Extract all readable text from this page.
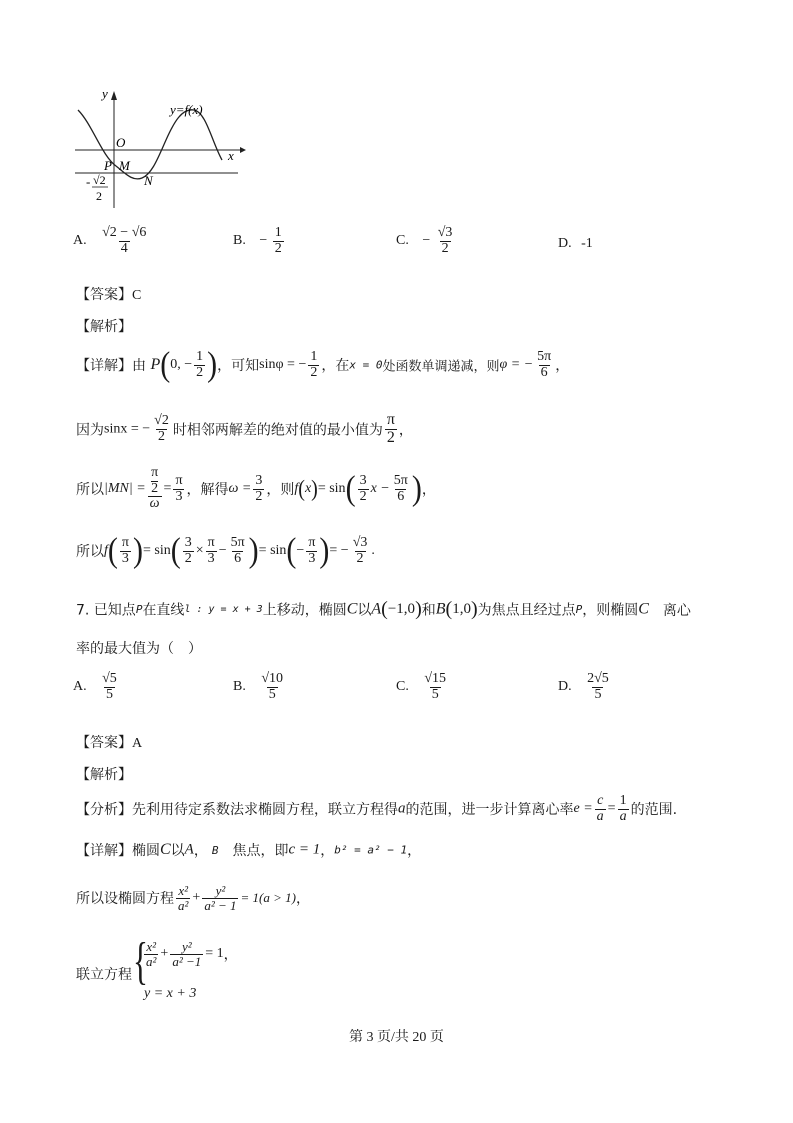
y
y=f(x)
O
x
P M
N
- √2
2
A. $\frac{√2 - √6}{4}$	B. − $\frac{1}{2}$	C. − $\frac{√3}{2}$	D. -1
【答案】C
【解析】
【详解】由 P(0, − $\frac{1}{2}$ )，可知sinφ = − $\frac{1}{2}$ ，在x = 0处函数单调递减，则φ = − $\frac{5\pi}{6}$ ，
因为sinx = − $\frac{√2}{2}$ 时相邻两解差的绝对值的最小值为 $\frac{\pi}{2}$ ，
所以|MN| = π
2
$\omega = \frac{\pi}{3}$ ，解得$\omega = \frac{3}{2}$ ，则$f(x)= \sin( \frac{3}{2}$ $x - \frac{5\pi}{6}$ )，
所以$f( \frac{\pi}{3}$ )= $\sin( \frac{3}{2} \times \frac{\pi}{3} - \frac{5\pi}{6}$ )= $\sin(- \frac{\pi}{3}$ )= − $\frac{√3}{2}$ .
7. 已知点P在直线l : y = x + 3上移动，椭圆C以A(−1,0)和B(1,0)为焦点且经过点P，则椭圆C 离心
率的最大值为（　）
A. $\frac{√5}{5}$	B. $\frac{√10}{5}$	C. $\frac{√15}{5}$	D. $\frac{2√5}{5}$
【答案】A
【解析】
【分析】先利用待定系数法求椭圆方程，联立方程得a的范围，进一步计算离心率$e = \frac{c}{a} = \frac{1}{a}$ 的范围.
【详解】椭圆C以A， B 焦点，即c = 1，b² = a² − 1，
所以设椭圆方程 $\frac{\text{x²}}{\text{a²}} + \frac{\text{y²}}{\text{a² − 1}} = 1(a > 1)$，
联立方程 {
$\frac{\text{x²}}{\text{a²}} + \frac{\text{y²}}{\text{a² −1}} = 1$，
y = x + 3
第 3 页/共 20 页
